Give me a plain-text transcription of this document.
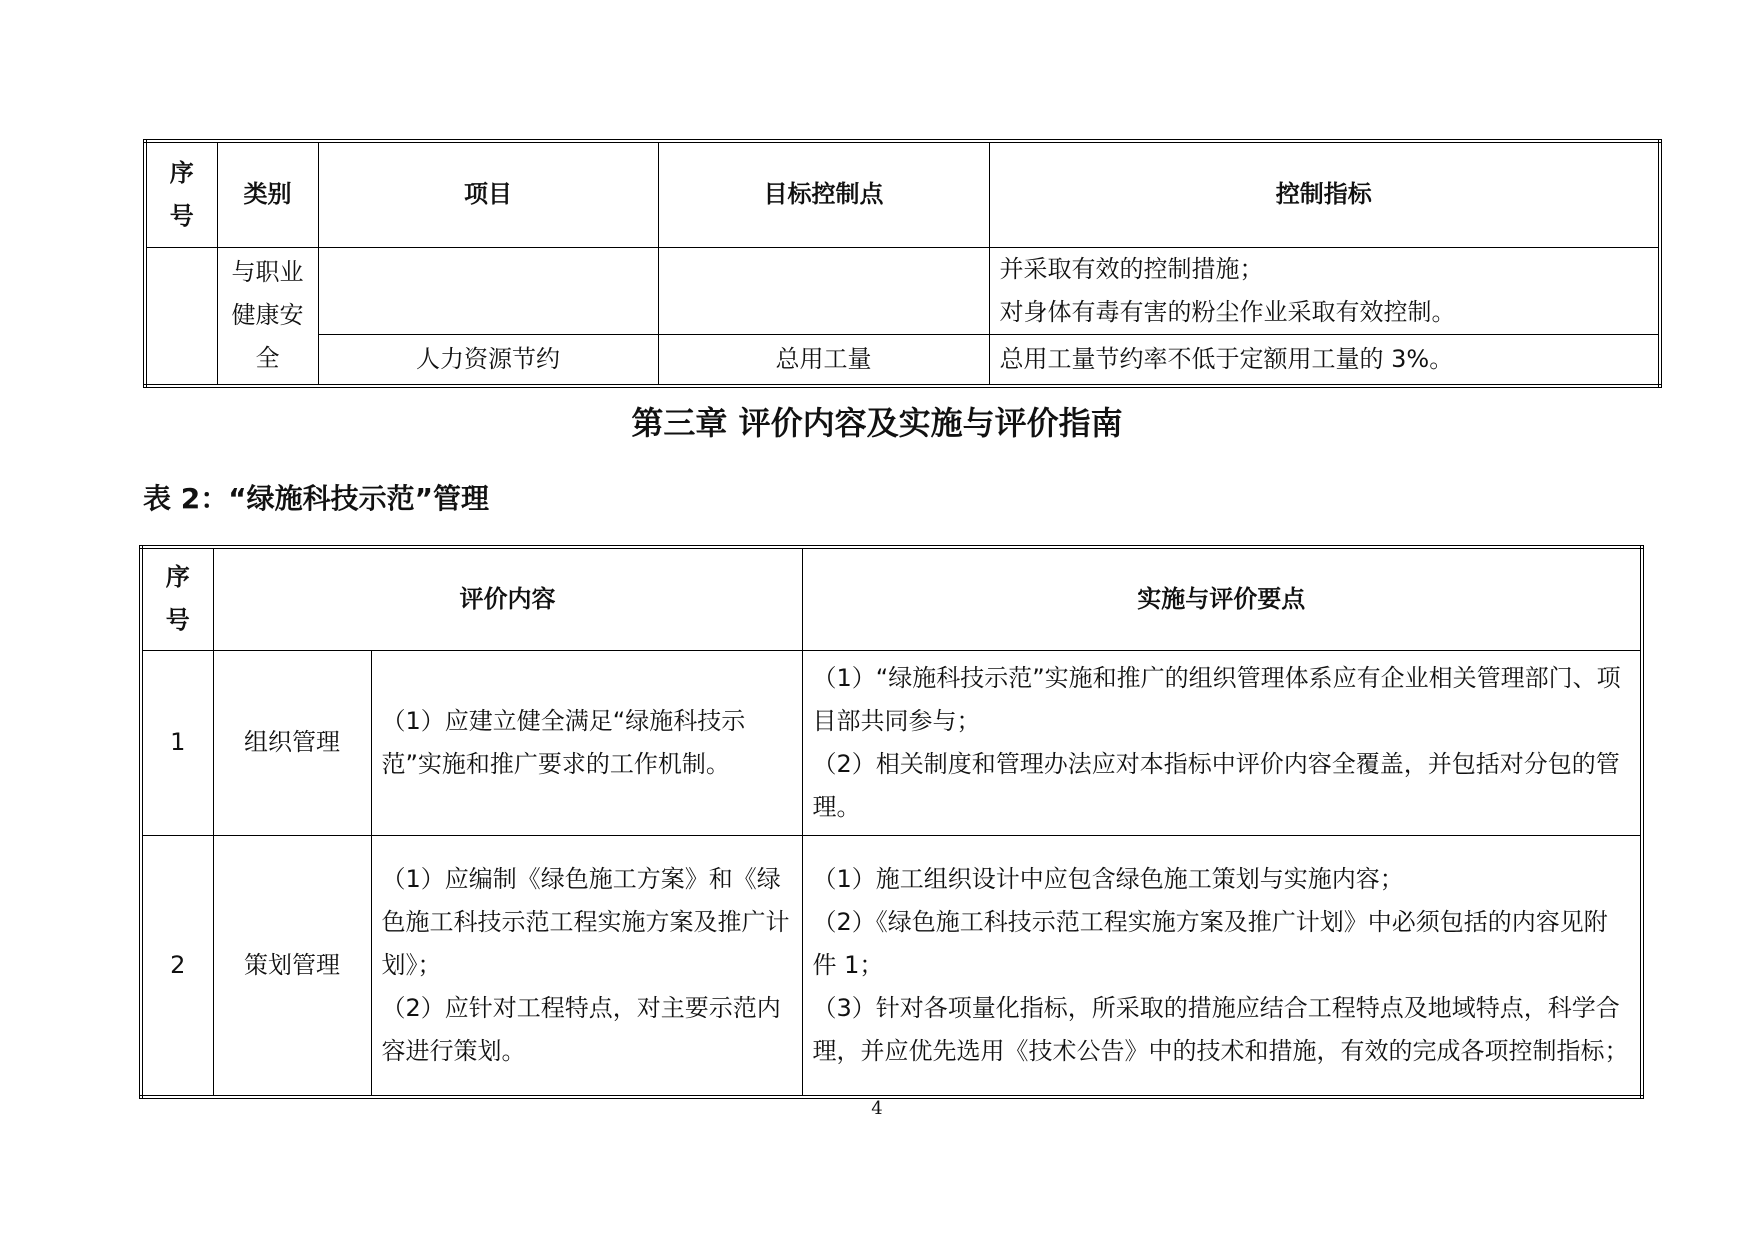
序
号	类别	项目	目标控制点	控制指标

	与职业
健康安
全			并采取有效的控制措施；
对身体有毒有害的粉尘作业采取有效控制。

		人力资源节约	总用工量	总用工量节约率不低于定额用工量的 3%。
第三章 评价内容及实施与评价指南
表 2：“绿施科技示范”管理
序
号	评价内容		实施与评价要点
1	组织管理	（1）应建立健全满足“绿施科技示范”实施和推广要求的工作机制。	（1）“绿施科技示范”实施和推广的组织管理体系应有企业相关管理部门、项目部共同参与；
（2）相关制度和管理办法应对本指标中评价内容全覆盖，并包括对分包的管理。

2	策划管理	（1）应编制《绿色施工方案》和《绿色施工科技示范工程实施方案及推广计划》；
（2）应针对工程特点，对主要示范内容进行策划。	（1）施工组织设计中应包含绿色施工策划与实施内容；
（2）《绿色施工科技示范工程实施方案及推广计划》中必须包括的内容见附件 1；
（3）针对各项量化指标，所采取的措施应结合工程特点及地域特点，科学合理，并应优先选用《技术公告》中的技术和措施，有效的完成各项控制指标；
4
